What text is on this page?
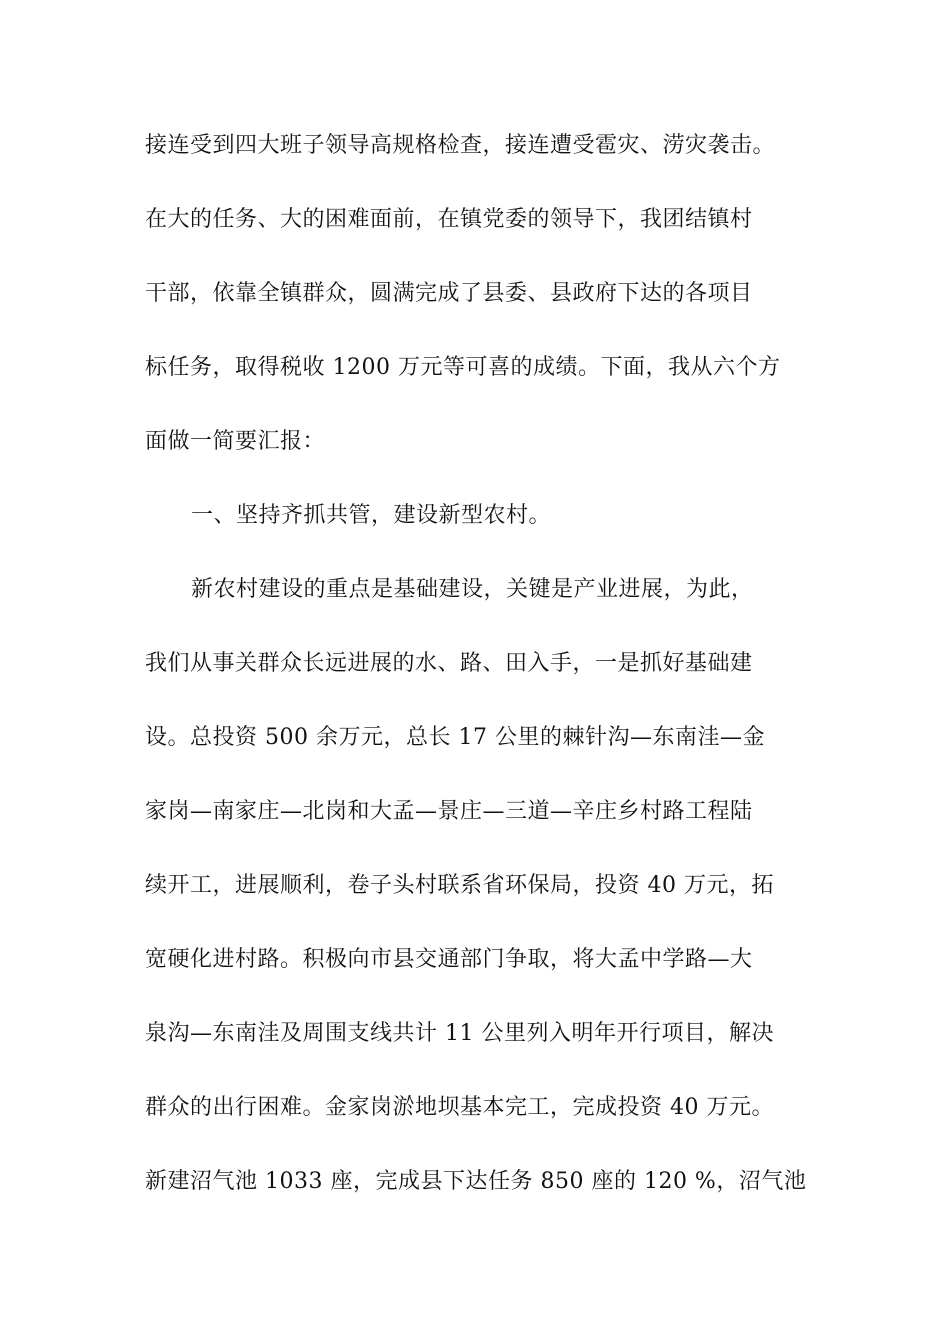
接连受到四大班子领导高规格检查，接连遭受雹灾、涝灾袭击。
在大的任务、大的困难面前，在镇党委的领导下，我团结镇村
干部，依靠全镇群众，圆满完成了县委、县政府下达的各项目
标任务，取得税收 1200 万元等可喜的成绩。下面，我从六个方
面做一简要汇报：
一、坚持齐抓共管，建设新型农村。
新农村建设的重点是基础建设，关键是产业进展，为此，
我们从事关群众长远进展的水、路、田入手，一是抓好基础建
设。总投资 500 余万元，总长 17 公里的棘针沟—东南洼—金
家岗—南家庄—北岗和大孟—景庄—三道—辛庄乡村路工程陆
续开工，进展顺利，卷子头村联系省环保局，投资 40 万元，拓
宽硬化进村路。积极向市县交通部门争取，将大孟中学路—大
泉沟—东南洼及周围支线共计 11 公里列入明年开行项目，解决
群众的出行困难。金家岗淤地坝基本完工，完成投资 40 万元。
新建沼气池 1033 座，完成县下达任务 850 座的 120 %，沼气池
